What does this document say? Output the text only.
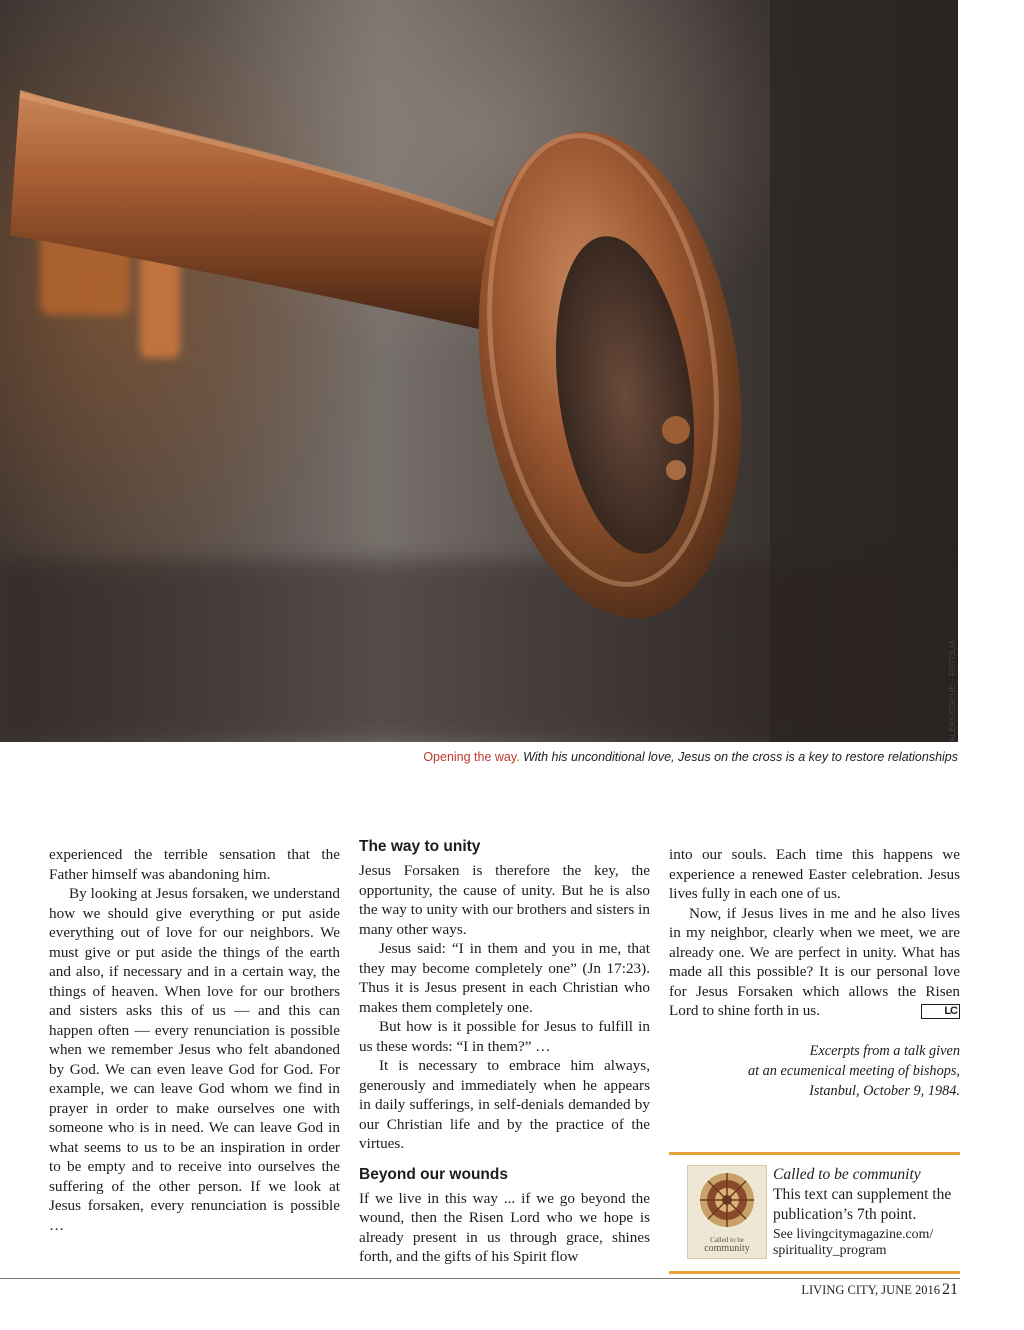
ALEKSKOP.UE - FOTOLIA
Opening the way. With his unconditional love, Jesus on the cross is a key to restore relationships

experienced the terrible sensation that the Father himself was abandoning him.

By looking at Jesus forsaken, we understand how we should give everything or put aside everything out of love for our neighbors. We must give or put aside the things of the earth and also, if necessary and in a certain way, the things of heaven. When love for our brothers and sisters asks this of us — and this can happen often — every renunciation is possible when we remember Jesus who felt abandoned by God. We can even leave God for God. For example, we can leave God whom we find in prayer in order to make ourselves one with someone who is in need. We can leave God in what seems to us to be an inspiration in order to be empty and to receive into ourselves the suffering of the other person. If we look at Jesus forsaken, every renunciation is possible …

The way to unity

Jesus Forsaken is therefore the key, the opportunity, the cause of unity. But he is also the way to unity with our brothers and sisters in many other ways.

Jesus said: “I in them and you in me, that they may become completely one” (Jn 17:23). Thus it is Jesus present in each Christian who makes them completely one.

But how is it possible for Jesus to fulfill in us these words: “I in them?” …

It is necessary to embrace him always, generously and immediately when he appears in daily sufferings, in self-denials demanded by our Christian life and by the practice of the virtues.

Beyond our wounds

If we live in this way ... if we go beyond the wound, then the Risen Lord who we hope is already present in us through grace, shines forth, and the gifts of his Spirit flow

into our souls. Each time this happens we experience a renewed Easter celebration. Jesus lives fully in each one of us.

Now, if Jesus lives in me and he also lives in my neighbor, clearly when we meet, we are already one. We are perfect in unity. What has made all this possible? It is our personal love for Jesus Forsaken which allows the Risen Lord to shine forth in us.	LC

Excerpts from a talk given
at an ecumenical meeting of bishops,
Istanbul, October 9, 1984.
Called to be
community
Called to be community
This text can supplement the publication’s 7th point.
See livingcitymagazine.com/
spirituality_program
LIVING CITY, JUNE 2016 21
